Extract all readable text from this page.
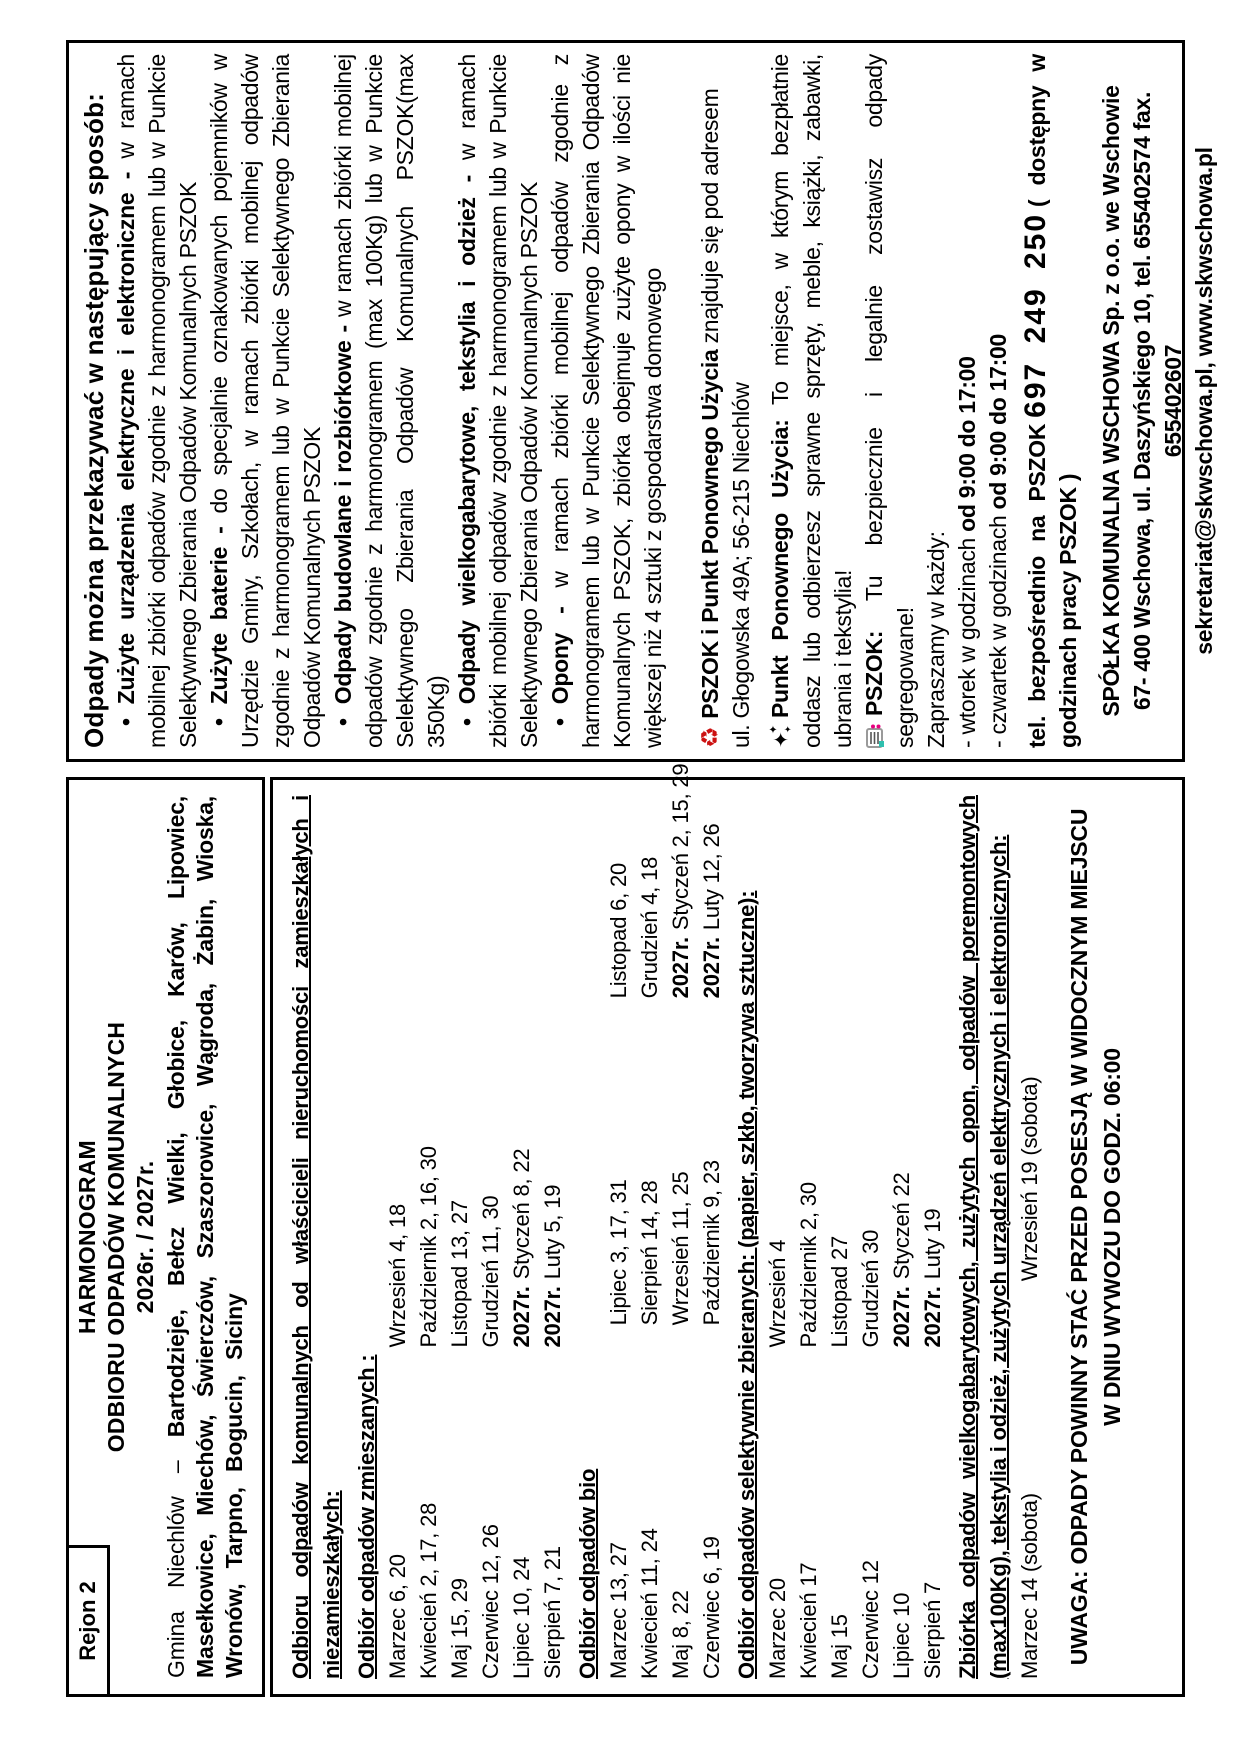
Rejon 2
HARMONOGRAM ODBIORU ODPADÓW KOMUNALNYCH 2026r. / 2027r.

Gmina Niechlów – Bartodzieje, Bełcz Wielki, Głobice, Karów, Lipowiec, Masełkowice, Miechów, Świerczów, Szaszorowice, Wągroda, Żabin, Wioska, Wronów, Tarpno, Bogucin, Siciny Odbioru odpadów komunalnych od właścicieli nieruchomości zamieszkałych i niezamieszkałych: Odbiór odpadów zmieszanych : Marzec 6, 20
Wrzesień 4, 18
Kwiecień 2, 17, 28
Październik 2, 16, 30
Maj 15, 29
Listopad 13, 27
Czerwiec 12, 26
Grudzień 11, 30
Lipiec 10, 24
2027r.Styczeń 8, 22
Sierpień 7, 21
2027r.Luty 5, 19
Odbiór odpadów bio Marzec 13, 27
Lipiec 3, 17, 31
Listopad 6, 20
Kwiecień 11, 24
Sierpień 14, 28
Grudzień 4, 18
Maj 8, 22
Wrzesień 11, 25
2027r.Styczeń 2, 15, 29
Czerwiec 6, 19
Październik 9, 23
2027r.Luty 12, 26
Odbiór odpadów selektywnie zbieranych: (papier, szkło, tworzywa sztuczne): Marzec 20
Wrzesień 4
Kwiecień 17
Październik 2, 30
Maj 15
Listopad 27
Czerwiec 12
Grudzień 30
Lipiec 10
2027r.Styczeń 22
Sierpień 7
2027r.Luty 19 Zbiórka odpadów wielkogabarytowych, zużytych opon, odpadów poremontowych (max100Kg), tekstylia i odzież, zużytych urządzeń elektrycznych i elektronicznych: Marzec 14 (sobota)
Wrzesień 19 (sobota) UWAGA: ODPADY POWINNY STAĆ PRZED POSESJĄ W WIDOCZNYM MIEJSCU W DNIU WYWOZU DO GODZ. 06:00
Odpady można przekazywać w następujący sposób: •Zużyte urządzenia elektryczne i elektroniczne - w ramach mobilnej zbiórki odpadów zgodnie z harmonogramem lub w Punkcie Selektywnego Zbierania Odpadów Komunalnych PSZOK •Zużyte baterie - do specjalnie oznakowanych pojemników w Urzędzie Gminy, Szkołach, w ramach zbiórki mobilnej odpadów zgodnie z harmonogramem lub w Punkcie Selektywnego Zbierania Odpadów Komunalnych PSZOK •Odpady budowlane i rozbiórkowe - w ramach zbiórki mobilnej odpadów zgodnie z harmonogramem (max 100Kg) lub w Punkcie Selektywnego Zbierania Odpadów Komunalnych PSZOK(max 350Kg) •Odpady wielkogabarytowe, tekstylia i odzież - w ramach zbiórki mobilnej odpadów zgodnie z harmonogramem lub w Punkcie Selektywnego Zbierania Odpadów Komunalnych PSZOK •Opony - w ramach zbiórki mobilnej odpadów zgodnie z harmonogramem lub w Punkcie Selektywnego Zbierania Odpadów Komunalnych PSZOK, zbiórka obejmuje zużyte opony w ilości nie większej niż 4 sztuki z gospodarstwa domowego ♻PSZOK i Punkt Ponownego Użycia znajduje się pod adresem

ul. Głogowska 49A; 56-215 Niechlów ✦
✦ ✦
Punkt Ponownego Użycia: To miejsce, w którym bezpłatnie oddasz lub odbierzesz sprawne sprzęty, meble, książki, zabawki, ubrania i tekstylia! PSZOK: Tu bezpiecznie i legalnie zostawisz odpady segregowane! Zapraszamy w każdy: - wtorek w godzinach od 9:00 do 17:00

- czwartek w godzinach od 9:00 do 17:00

tel. bezpośrednio na PSZOK697 249 250( dostępny w godzinach pracy PSZOK ) SPÓŁKA KOMUNALNA WSCHOWA Sp. z o.o. we Wschowie 67- 400 Wschowa, ul. Daszyńskiego 10, tel. 655402574 fax. 655402607 sekretariat@skwschowa.pl, www.skwschowa.pl
